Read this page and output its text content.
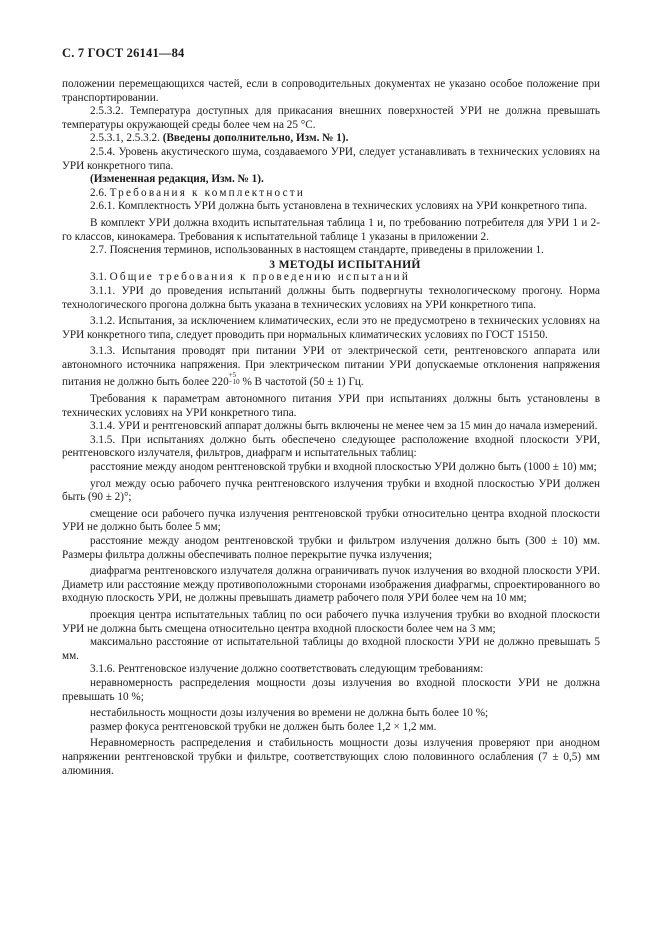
С. 7 ГОСТ 26141—84

положении перемещающихся частей, если в сопроводительных документах не указано особое положение при транспортировании.

2.5.3.2. Температура доступных для прикасания внешних поверхностей УРИ не должна превышать температуры окружающей среды более чем на 25 °С.

2.5.3.1, 2.5.3.2. (Введены дополнительно, Изм. № 1).

2.5.4. Уровень акустического шума, создаваемого УРИ, следует устанавливать в технических условиях на УРИ конкретного типа.

(Измененная редакция, Изм. № 1).

2.6. Требования к комплектности

2.6.1. Комплектность УРИ должна быть установлена в технических условиях на УРИ конкретного типа.

В комплект УРИ должна входить испытательная таблица 1 и, по требованию потребителя для УРИ 1 и 2-го классов, кинокамера. Требования к испытательной таблице 1 указаны в приложении 2.

2.7. Пояснения терминов, использованных в настоящем стандарте, приведены в приложении 1.

3 МЕТОДЫ ИСПЫТАНИЙ

3.1. Общие требования к проведению испытаний

3.1.1. УРИ до проведения испытаний должны быть подвергнуты технологическому прогону. Норма технологического прогона должна быть указана в технических условиях на УРИ конкретного типа.

3.1.2. Испытания, за исключением климатических, если это не предусмотрено в технических условиях на УРИ конкретного типа, следует проводить при нормальных климатических условиях по ГОСТ 15150.

3.1.3. Испытания проводят при питании УРИ от электрической сети, рентгеновского аппарата или автономного источника напряжения. При электрическом питании УРИ допускаемые отклонения напряжения питания не должно быть более 220
+5
−10 % В частотой (50 ± 1) Гц.

Требования к параметрам автономного питания УРИ при испытаниях должны быть установлены в технических условиях на УРИ конкретного типа.

3.1.4. УРИ и рентгеновский аппарат должны быть включены не менее чем за 15 мин до начала измерений.

3.1.5. При испытаниях должно быть обеспечено следующее расположение входной плоскости УРИ, рентгеновского излучателя, фильтров, диафрагм и испытательных таблиц:

расстояние между анодом рентгеновской трубки и входной плоскостью УРИ должно быть (1000 ± 10) мм;

угол между осью рабочего пучка рентгеновского излучения трубки и входной плоскостью УРИ должен быть (90 ± 2)°;

смещение оси рабочего пучка излучения рентгеновской трубки относительно центра входной плоскости УРИ не должно быть более 5 мм;

расстояние между анодом рентгеновской трубки и фильтром излучения должно быть (300 ± 10) мм. Размеры фильтра должны обеспечивать полное перекрытие пучка излучения;

диафрагма рентгеновского излучателя должна ограничивать пучок излучения во входной плоскости УРИ. Диаметр или расстояние между противоположными сторонами изображения диафрагмы, спроектированного во входную плоскость УРИ, не должны превышать диаметр рабочего поля УРИ более чем на 10 мм;

проекция центра испытательных таблиц по оси рабочего пучка излучения трубки во входной плоскости УРИ не должна быть смещена относительно центра входной плоскости более чем на 3 мм;

максимально расстояние от испытательной таблицы до входной плоскости УРИ не должно превышать 5 мм.

3.1.6. Рентгеновское излучение должно соответствовать следующим требованиям:

неравномерность распределения мощности дозы излучения во входной плоскости УРИ не должна превышать 10 %;

нестабильность мощности дозы излучения во времени не должна быть более 10 %;

размер фокуса рентгеновской трубки не должен быть более 1,2 × 1,2 мм.

Неравномерность распределения и стабильность мощности дозы излучения проверяют при анодном напряжении рентгеновской трубки и фильтре, соответствующих слою половинного ослабления (7 ± 0,5) мм алюминия.
